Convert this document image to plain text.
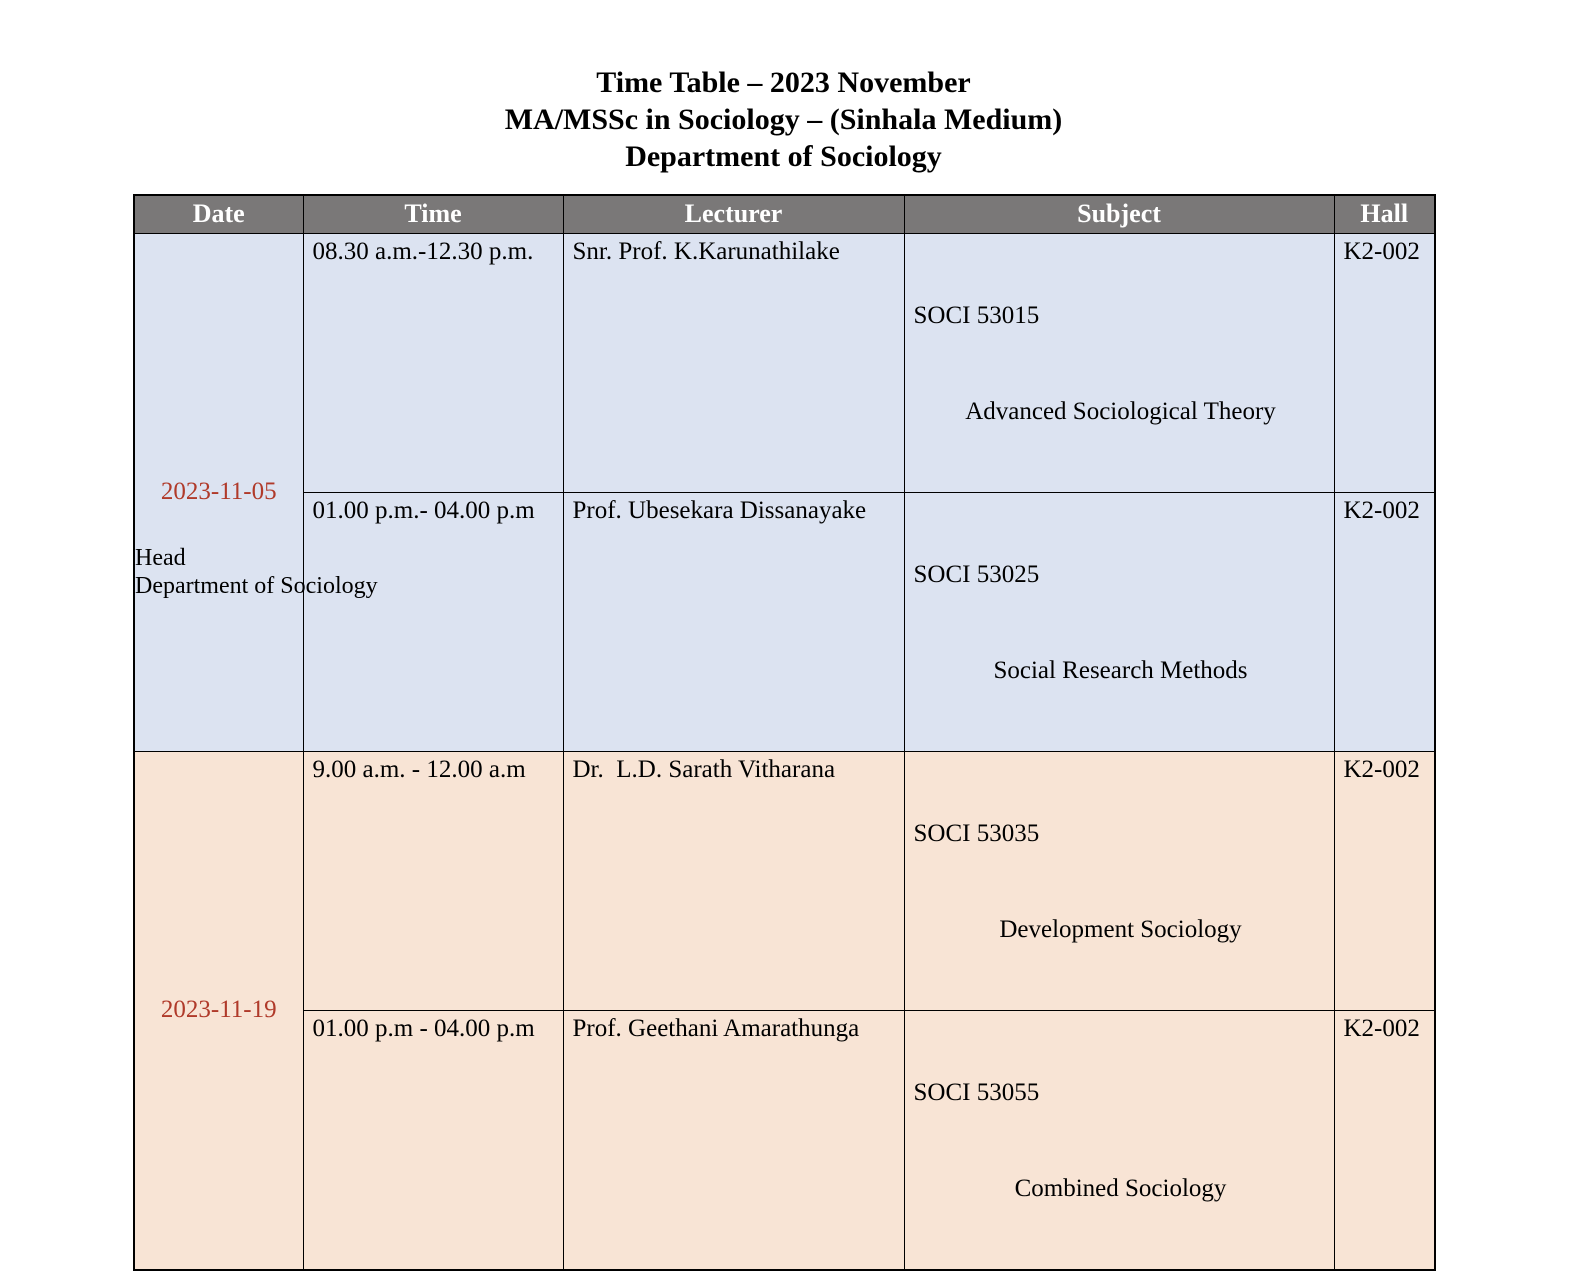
Time Table – 2023 November
MA/MSSc in Sociology – (Sinhala Medium)
Department of Sociology
Date	Time	Lecturer	Subject	Hall
2023-11-05	08.30 a.m.-12.30 p.m.	Snr. Prof. K.Karunathilake	SOCI 53015

Advanced Sociological Theory	K2-002
	01.00 p.m.- 04.00 p.m	Prof. Ubesekara Dissanayake	SOCI 53025

Social Research Methods	K2-002
2023-11-19	9.00 a.m. - 12.00 a.m	Dr.  L.D. Sarath Vitharana	SOCI 53035

Development Sociology	K2-002
	01.00 p.m - 04.00 p.m	Prof. Geethani Amarathunga	SOCI 53055

Combined Sociology	K2-002
Head
Department of Sociology
